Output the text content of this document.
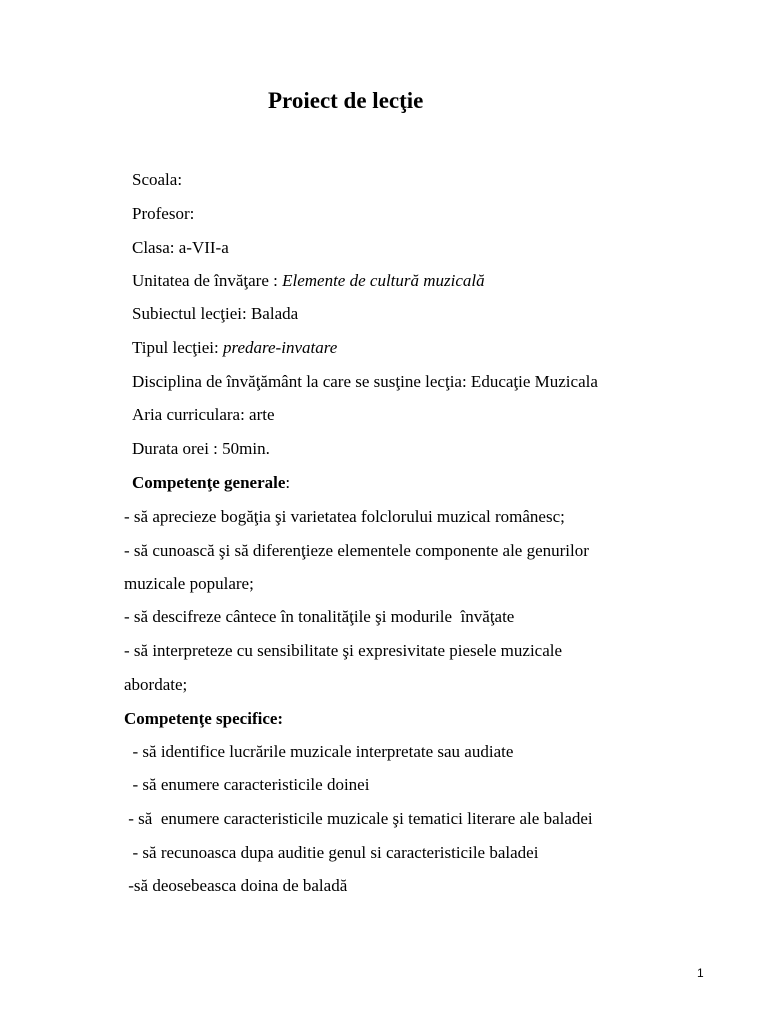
Proiect de lecţie
Scoala:
Profesor:
Clasa: a-VII-a
Unitatea de învăţare : Elemente de cultură muzicală
Subiectul lecţiei: Balada
Tipul lecţiei: predare-invatare
Disciplina de învăţământ la care se susţine lecţia: Educaţie Muzicala
Aria curriculara: arte
Durata orei : 50min.
Competenţe generale:
- să aprecieze bogăţia şi varietatea folclorului muzical românesc;
- să cunoască şi să diferenţieze elementele componente ale genurilor
muzicale populare;
- să descifreze cântece în tonalităţile şi modurile  învăţate
- să interpreteze cu sensibilitate şi expresivitate piesele muzicale
abordate;
Competenţe specifice:
- să identifice lucrările muzicale interpretate sau audiate
- să enumere caracteristicile doinei
- să  enumere caracteristicile muzicale şi tematici literare ale baladei
- să recunoasca dupa auditie genul si caracteristicile baladei
-să deosebeasca doina de baladă
1
